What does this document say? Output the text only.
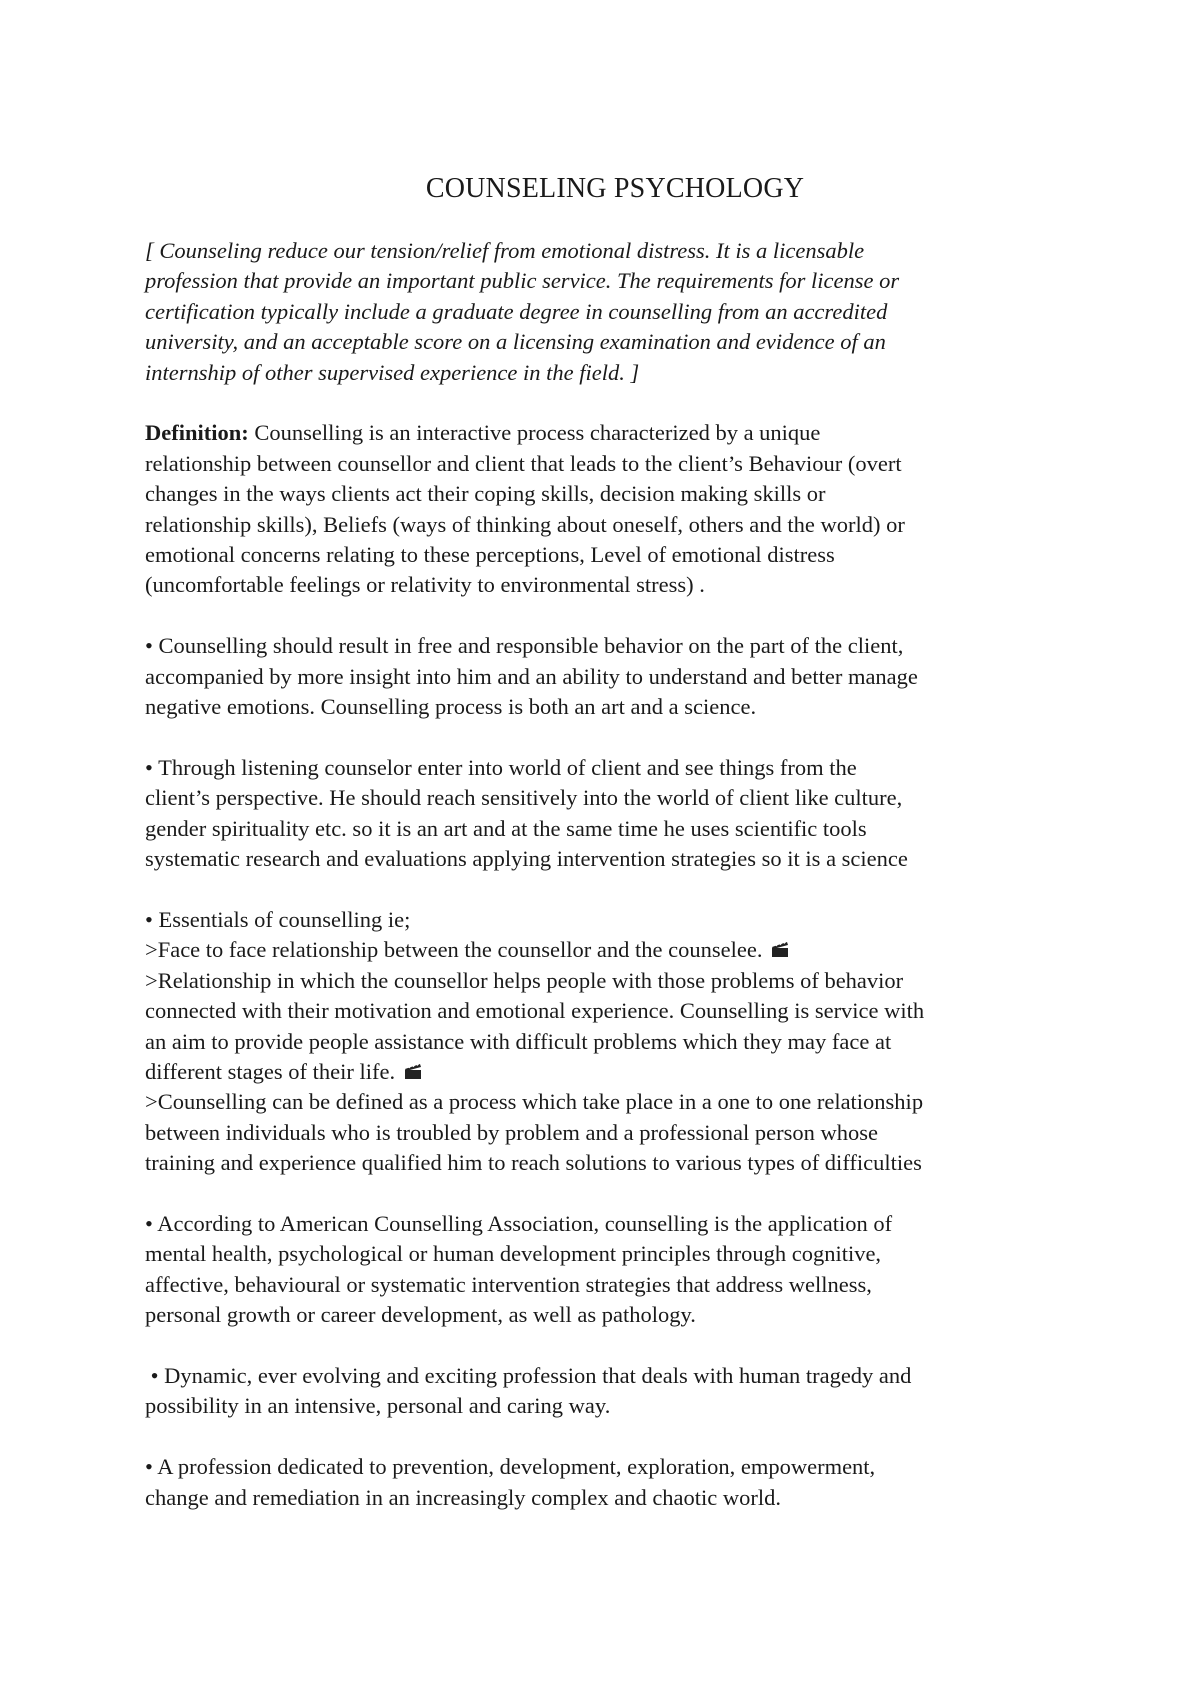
COUNSELING PSYCHOLOGY

[ Counseling reduce our tension/relief from emotional distress. It is a licensable
profession that provide an important public service. The requirements for license or
certification typically include a graduate degree in counselling from an accredited
university, and an acceptable score on a licensing examination and evidence of an
internship of other supervised experience in the field. ]

Definition: Counselling is an interactive process characterized by a unique
relationship between counsellor and client that leads to the client’s Behaviour (overt
changes in the ways clients act their coping skills, decision making skills or
relationship skills), Beliefs (ways of thinking about oneself, others and the world) or
emotional concerns relating to these perceptions, Level of emotional distress
(uncomfortable feelings or relativity to environmental stress) .

• Counselling should result in free and responsible behavior on the part of the client,
accompanied by more insight into him and an ability to understand and better manage
negative emotions. Counselling process is both an art and a science.

• Through listening counselor enter into world of client and see things from the
client’s perspective. He should reach sensitively into the world of client like culture,
gender spirituality etc. so it is an art and at the same time he uses scientific tools
systematic research and evaluations applying intervention strategies so it is a science

• Essentials of counselling ie;
>Face to face relationship between the counsellor and the counselee.
>Relationship in which the counsellor helps people with those problems of behavior
connected with their motivation and emotional experience. Counselling is service with
an aim to provide people assistance with difficult problems which they may face at
different stages of their life.
>Counselling can be defined as a process which take place in a one to one relationship
between individuals who is troubled by problem and a professional person whose
training and experience qualified him to reach solutions to various types of difficulties

• According to American Counselling Association, counselling is the application of
mental health, psychological or human development principles through cognitive,
affective, behavioural or systematic intervention strategies that address wellness,
personal growth or career development, as well as pathology.

• Dynamic, ever evolving and exciting profession that deals with human tragedy and
possibility in an intensive, personal and caring way.

• A profession dedicated to prevention, development, exploration, empowerment,
change and remediation in an increasingly complex and chaotic world.
